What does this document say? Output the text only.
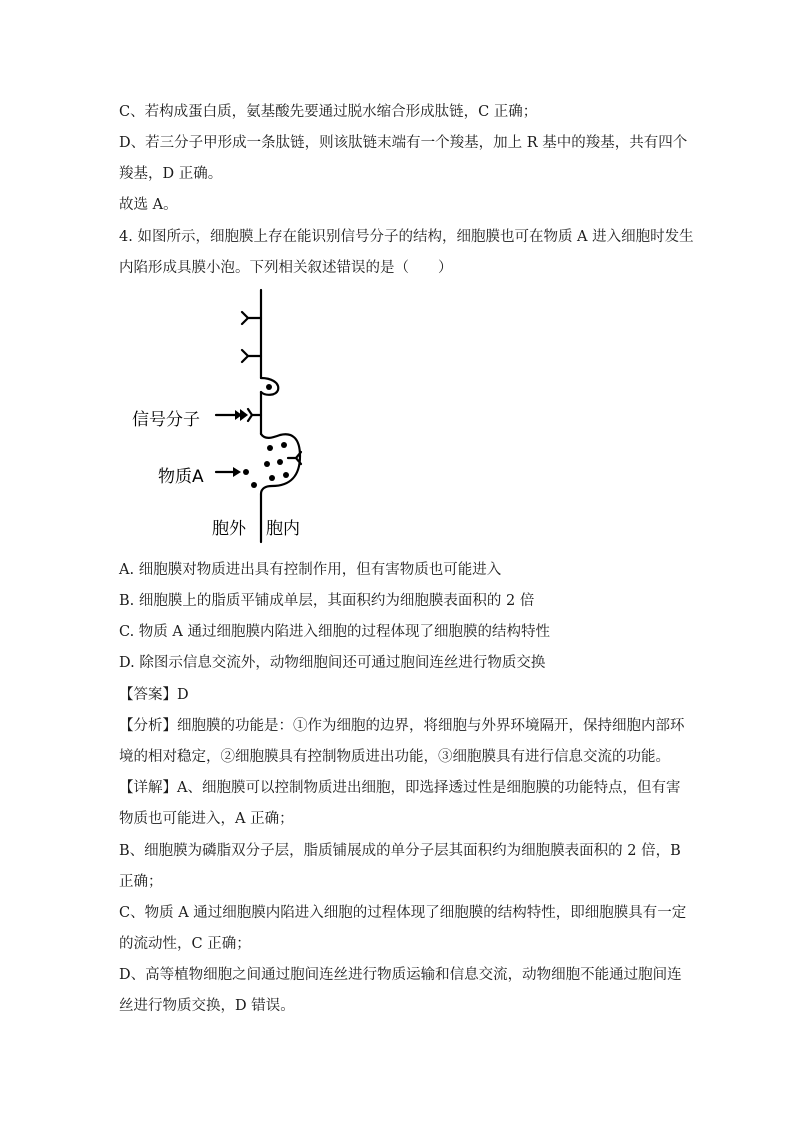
C、若构成蛋白质，氨基酸先要通过脱水缩合形成肽链，C 正确；
D、若三分子甲形成一条肽链，则该肽链末端有一个羧基，加上 R 基中的羧基，共有四个
羧基，D 正确。
故选 A。
4. 如图所示，细胞膜上存在能识别信号分子的结构，细胞膜也可在物质 A 进入细胞时发生
内陷形成具膜小泡。下列相关叙述错误的是（　　）
信号分子
物质A
胞外 胞内
A. 细胞膜对物质进出具有控制作用，但有害物质也可能进入
B. 细胞膜上的脂质平铺成单层，其面积约为细胞膜表面积的 2 倍
C. 物质 A 通过细胞膜内陷进入细胞的过程体现了细胞膜的结构特性
D. 除图示信息交流外，动物细胞间还可通过胞间连丝进行物质交换
【答案】D
【分析】细胞膜的功能是：①作为细胞的边界，将细胞与外界环境隔开，保持细胞内部环
境的相对稳定，②细胞膜具有控制物质进出功能，③细胞膜具有进行信息交流的功能。
【详解】A、细胞膜可以控制物质进出细胞，即选择透过性是细胞膜的功能特点，但有害
物质也可能进入，A 正确；
B、细胞膜为磷脂双分子层，脂质铺展成的单分子层其面积约为细胞膜表面积的 2 倍，B
正确；
C、物质 A 通过细胞膜内陷进入细胞的过程体现了细胞膜的结构特性，即细胞膜具有一定
的流动性，C 正确；
D、高等植物细胞之间通过胞间连丝进行物质运输和信息交流，动物细胞不能通过胞间连
丝进行物质交换，D 错误。
